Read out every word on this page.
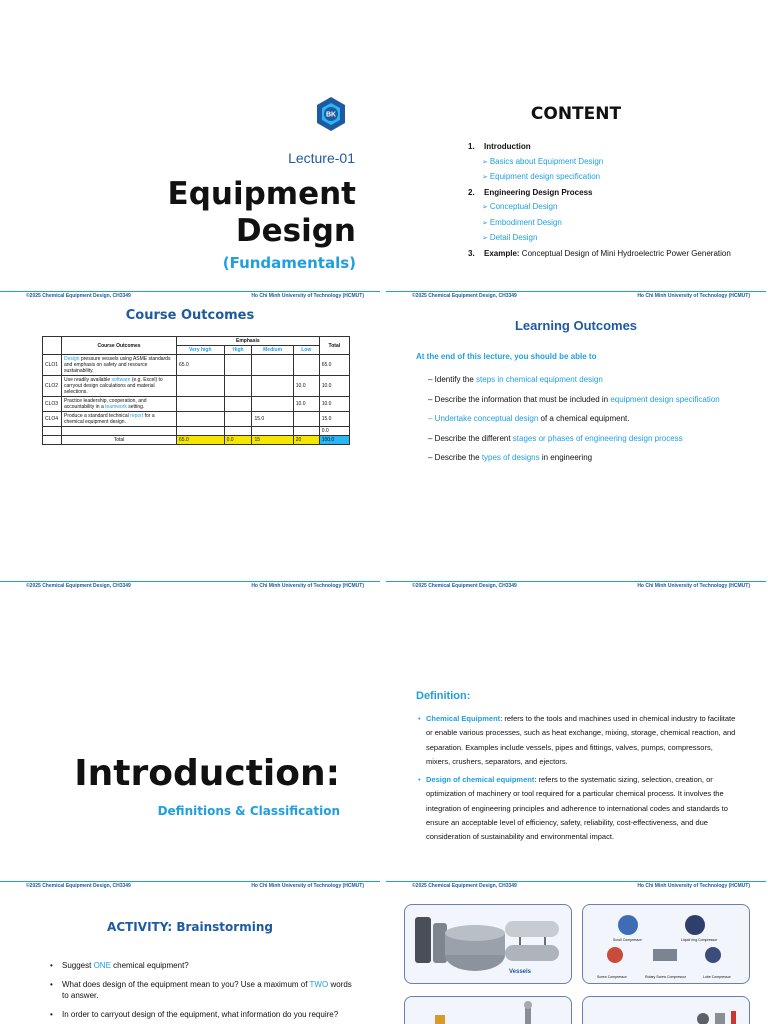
BK
Lecture-01
Equipment
Design
(Fundamentals)
©2025 Chemical Equipment Design, CH3349	Ho Chi Minh University of Technology (HCMUT)
CONTENT
1. Introduction
➢ Basics about Equipment Design
➢ Equipment design specification
2. Engineering Design Process
➢ Conceptual Design
➢ Embodiment Design
➢ Detail Design
3. Example: Conceptual Design of Mini Hydroelectric Power Generation
©2025 Chemical Equipment Design, CH3349	Ho Chi Minh University of Technology (HCMUT)
Course Outcomes
	Course Outcomes	Emphasis				Total
		Very high	High	Medium	Low	
CLO1	Design pressure vessels using ASME standards and emphasis on safety and resource sustainability.	65.0				65.0
CLO2	Use readily available software (e.g. Excel) to carryout design calculations and material selections.				10.0	10.0
CLO3	Practice leadership, cooperation, and accountability in a teamwork setting.				10.0	10.0
CLO4	Produce a standard technical report for a chemical equipment design.			15.0		15.0
						0.0
	Total	65.0	0.0	15	20	100.0
©2025 Chemical Equipment Design, CH3349	Ho Chi Minh University of Technology (HCMUT)
Learning Outcomes
At the end of this lecture, you should be able to
– Identify the steps in chemical equipment design
– Describe the information that must be included in equipment design specification
– Undertake conceptual design of a chemical equipment.
– Describe the different stages or phases of engineering design process
– Describe the types of designs in engineering
©2025 Chemical Equipment Design, CH3349	Ho Chi Minh University of Technology (HCMUT)
Introduction:
Definitions & Classification
©2025 Chemical Equipment Design, CH3349	Ho Chi Minh University of Technology (HCMUT)
Definition:
• Chemical Equipment: refers to the tools and machines used in chemical industry to facilitate or enable various processes, such as heat exchange, mixing, storage, chemical reaction, and separation. Examples include vessels, pipes and fittings, valves, pumps, compressors, mixers, crushers, separators, and ejectors.
• Design of chemical equipment: refers to the systematic sizing, selection, creation, or optimization of machinery or tool required for a particular chemical process. It involves the integration of engineering principles and adherence to international codes and standards to ensure an acceptable level of efficiency, safety, reliability, cost-effectiveness, and due consideration of sustainability and environmental impact.
©2025 Chemical Equipment Design, CH3349	Ho Chi Minh University of Technology (HCMUT)
ACTIVITY: Brainstorming
• Suggest ONE chemical equipment?
• What does design of the equipment mean to you? Use a maximum of TWO words to answer.
• In order to carryout design of the equipment, what information do you require?
Vessels
Scroll Compressor	Liquid ring Compressor
Screw Compressor	Rotary Screw Compressor	Lobe Compressor
